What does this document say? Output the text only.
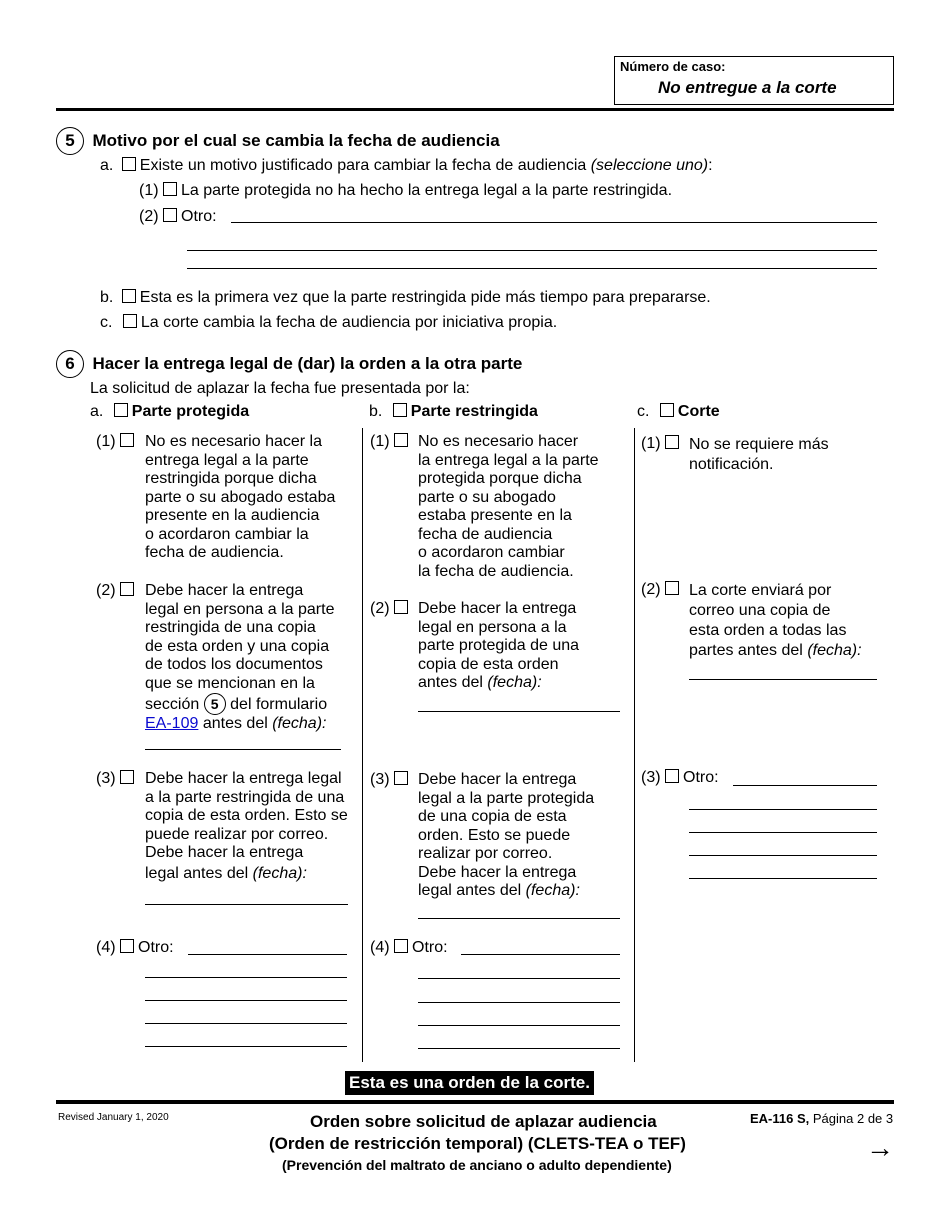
Número de caso:
No entregue a la corte
5 Motivo por el cual se cambia la fecha de audiencia
a. Existe un motivo justificado para cambiar la fecha de audiencia (seleccione uno):
(1) La parte protegida no ha hecho la entrega legal a la parte restringida.
(2) Otro:
b. Esta es la primera vez que la parte restringida pide más tiempo para prepararse.
c. La corte cambia la fecha de audiencia por iniciativa propia.
6 Hacer la entrega legal de (dar) la orden a la otra parte
La solicitud de aplazar la fecha fue presentada por la:
a. Parte protegida	b. Parte restringida	c. Corte
(1)	No es necesario hacer la
entrega legal a la parte
restringida porque dicha
parte o su abogado estaba
presente en la audiencia
o acordaron cambiar la
fecha de audiencia.
(2)	Debe hacer la entrega
legal en persona a la parte
restringida de una copia
de esta orden y una copia
de todos los documentos
que se mencionan en la
sección 5 del formulario
EA-109 antes del (fecha):
(3)	Debe hacer la entrega legal
a la parte restringida de una
copia de esta orden. Esto se
puede realizar por correo.
Debe hacer la entrega
legal antes del (fecha):
(4) Otro:
(1)	No es necesario hacer
la entrega legal a la parte
protegida porque dicha
parte o su abogado
estaba presente en la
fecha de audiencia
o acordaron cambiar
la fecha de audiencia.
(2)	Debe hacer la entrega
legal en persona a la
parte protegida de una
copia de esta orden
antes del (fecha):
(3)	Debe hacer la entrega
legal a la parte protegida
de una copia de esta
orden. Esto se puede
realizar por correo.
Debe hacer la entrega
legal antes del (fecha):
(4) Otro:
(1)	No se requiere más
notificación.
(2)	La corte enviará por
correo una copia de
esta orden a todas las
partes antes del (fecha):
(3) Otro:
Esta es una orden de la corte.
Revised January 1, 2020	Orden sobre solicitud de aplazar audiencia
(Orden de restricción temporal) (CLETS-TEA o TEF)
(Prevención del maltrato de anciano o adulto dependiente)
EA-116 S, Página 2 de 3
→
